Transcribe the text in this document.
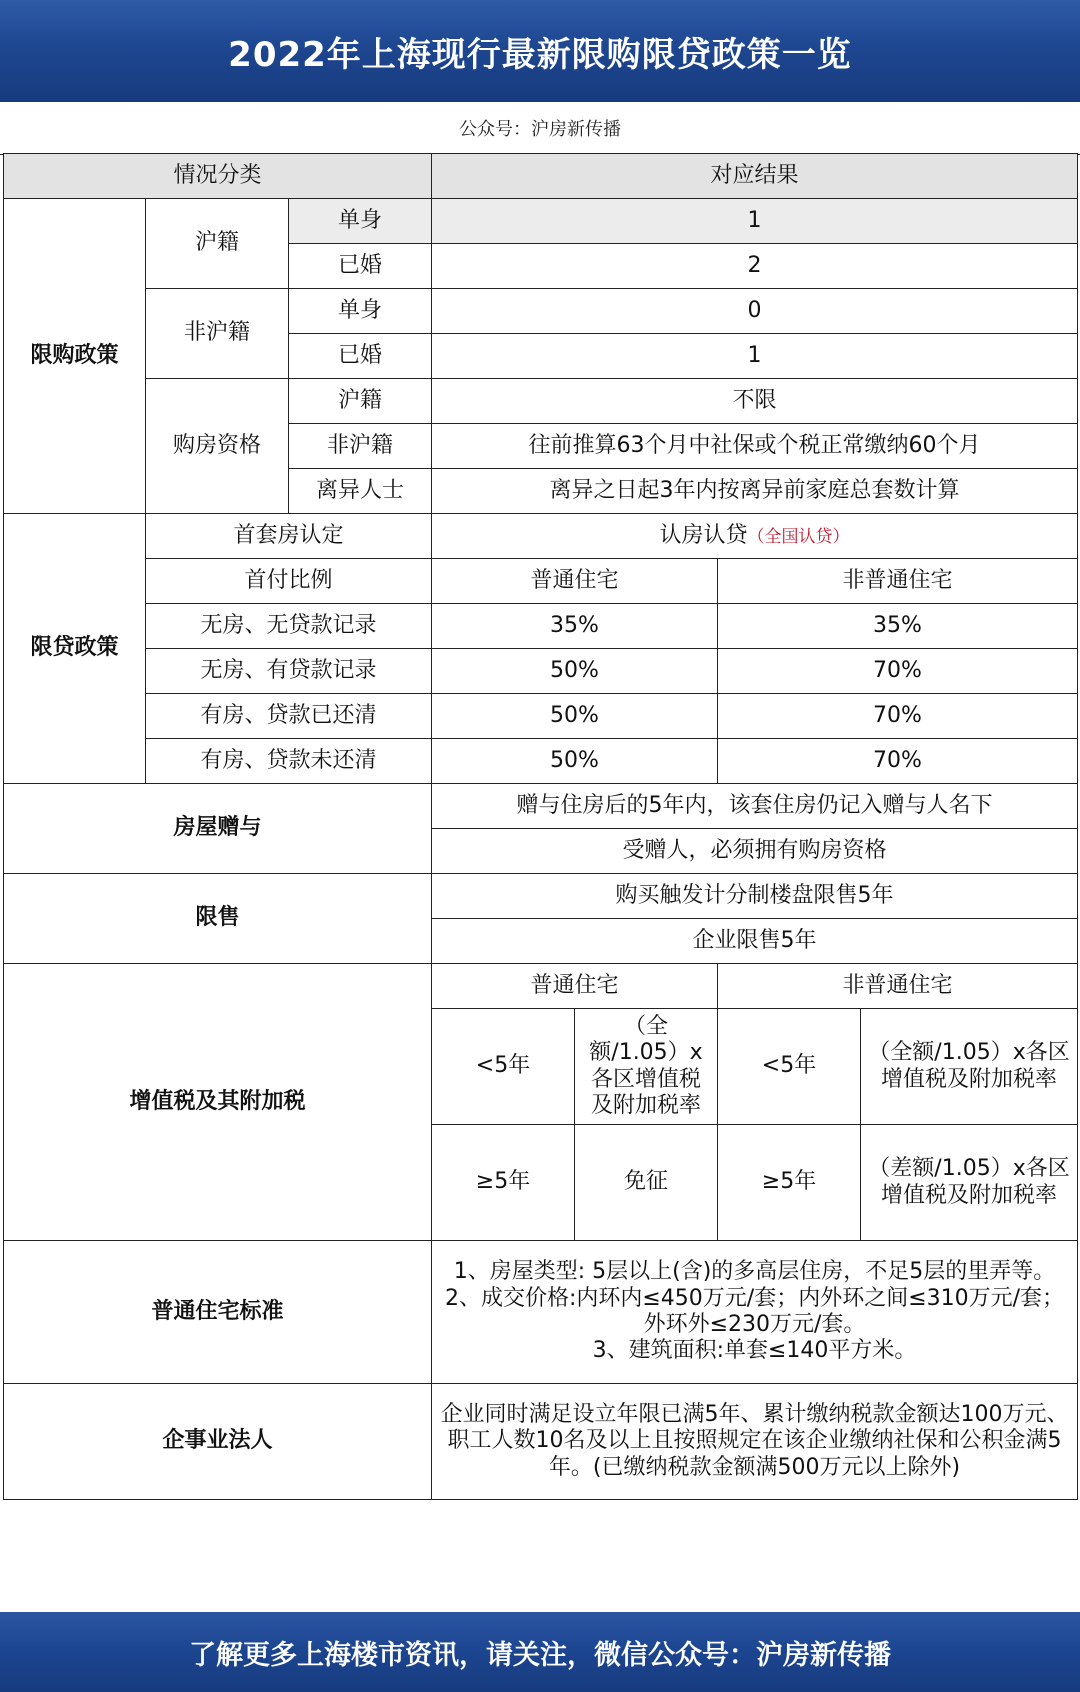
2022年上海现行最新限购限贷政策一览
公众号：沪房新传播
情况分类			对应结果			
限购政策	沪籍	单身	1			
		已婚	2			
	非沪籍	单身	0			
		已婚	1			
	购房资格	沪籍	不限			
		非沪籍	往前推算63个月中社保或个税正常缴纳60个月			
		离异人士	离异之日起3年内按离异前家庭总套数计算			
限贷政策	首套房认定		认房认贷（全国认贷）			
	首付比例		普通住宅		非普通住宅	
	无房、无贷款记录		35%		35%	
	无房、有贷款记录		50%		70%	
	有房、贷款已还清		50%		70%	
	有房、贷款未还清		50%		70%	
房屋赠与			赠与住房后的5年内，该套住房仍记入赠与人名下			
			受赠人，必须拥有购房资格			
限售			购买触发计分制楼盘限售5年			
			企业限售5年			
增值税及其附加税			普通住宅		非普通住宅	
			<5年	（全额/1.05）x各区增值税及附加税率	<5年	（全额/1.05）x各区增值税及附加税率
			≥5年	免征	≥5年	（差额/1.05）x各区增值税及附加税率
普通住宅标准			1、房屋类型: 5层以上(含)的多高层住房，不足5层的里弄等。
2、成交价格:内环内≤450万元/套；内外环之间≤310万元/套；外环外≤230万元/套。
3、建筑面积:单套≤140平方米。			

企事业法人			企业同时满足设立年限已满5年、累计缴纳税款金额达100万元、职工人数10名及以上且按照规定在该企业缴纳社保和公积金满5年。(已缴纳税款金额满500万元以上除外)			
了解更多上海楼市资讯，请关注，微信公众号：沪房新传播
